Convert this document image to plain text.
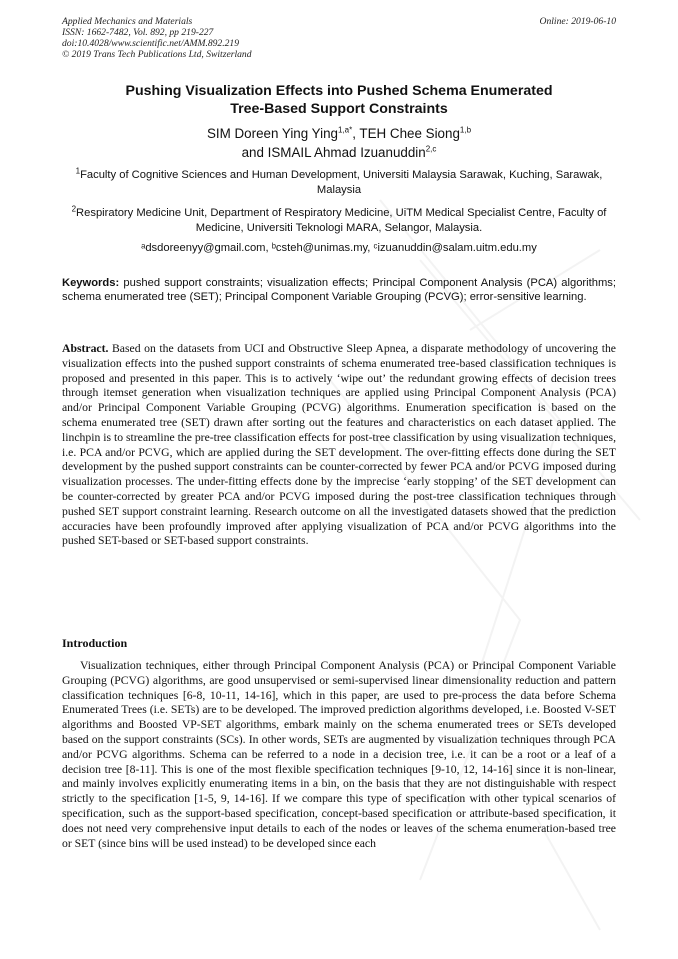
Applied Mechanics and Materials
ISSN: 1662-7482, Vol. 892, pp 219-227
doi:10.4028/www.scientific.net/AMM.892.219
© 2019 Trans Tech Publications Ltd, Switzerland
Online: 2019-06-10
Pushing Visualization Effects into Pushed Schema Enumerated
Tree-Based Support Constraints
SIM Doreen Ying Ying$^{1,a*}$, TEH Chee Siong$^{1,b}$
and ISMAIL Ahmad Izuanuddin$^{2,c}$
$^1$Faculty of Cognitive Sciences and Human Development, Universiti Malaysia Sarawak, Kuching, Sarawak, Malaysia
$^2$Respiratory Medicine Unit, Department of Respiratory Medicine, UiTM Medical Specialist Centre, Faculty of Medicine, Universiti Teknologi MARA, Selangor, Malaysia.
ᵃdsdoreenyy@gmail.com, ᵇcsteh@unimas.my, ᶜizuanuddin@salam.uitm.edu.my
Keywords: pushed support constraints; visualization effects; Principal Component Analysis (PCA) algorithms; schema enumerated tree (SET); Principal Component Variable Grouping (PCVG); error-sensitive learning.
Abstract. Based on the datasets from UCI and Obstructive Sleep Apnea, a disparate methodology of uncovering the visualization effects into the pushed support constraints of schema enumerated tree-based classification techniques is proposed and presented in this paper. This is to actively ‘wipe out’ the redundant growing effects of decision trees through itemset generation when visualization techniques are applied using Principal Component Analysis (PCA) and/or Principal Component Variable Grouping (PCVG) algorithms. Enumeration specification is based on the schema enumerated tree (SET) drawn after sorting out the features and characteristics on each dataset applied. The linchpin is to streamline the pre-tree classification effects for post-tree classification by using visualization techniques, i.e. PCA and/or PCVG, which are applied during the SET development. The over-fitting effects done during the SET development by the pushed support constraints can be counter-corrected by fewer PCA and/or PCVG imposed during visualization processes. The under-fitting effects done by the imprecise ‘early stopping’ of the SET development can be counter-corrected by greater PCA and/or PCVG imposed during the post-tree classification techniques through pushed SET support constraint learning. Research outcome on all the investigated datasets showed that the prediction accuracies have been profoundly improved after applying visualization of PCA and/or PCVG algorithms into the pushed SET-based or SET-based support constraints.
Introduction
Visualization techniques, either through Principal Component Analysis (PCA) or Principal Component Variable Grouping (PCVG) algorithms, are good unsupervised or semi-supervised linear dimensionality reduction and pattern classification techniques [6-8, 10-11, 14-16], which in this paper, are used to pre-process the data before Schema Enumerated Trees (i.e. SETs) are to be developed. The improved prediction algorithms developed, i.e. Boosted V-SET algorithms and Boosted VP-SET algorithms, embark mainly on the schema enumerated trees or SETs developed based on the support constraints (SCs). In other words, SETs are augmented by visualization techniques through PCA and/or PCVG algorithms. Schema can be referred to a node in a decision tree, i.e. it can be a root or a leaf of a decision tree [8-11]. This is one of the most flexible specification techniques [9-10, 12, 14-16] since it is non-linear, and mainly involves explicitly enumerating items in a bin, on the basis that they are not distinguishable with respect strictly to the specification [1-5, 9, 14-16]. If we compare this type of specification with other typical scenarios of specification, such as the support-based specification, concept-based specification or attribute-based specification, it does not need very comprehensive input details to each of the nodes or leaves of the schema enumeration-based tree or SET (since bins will be used instead) to be developed since each
